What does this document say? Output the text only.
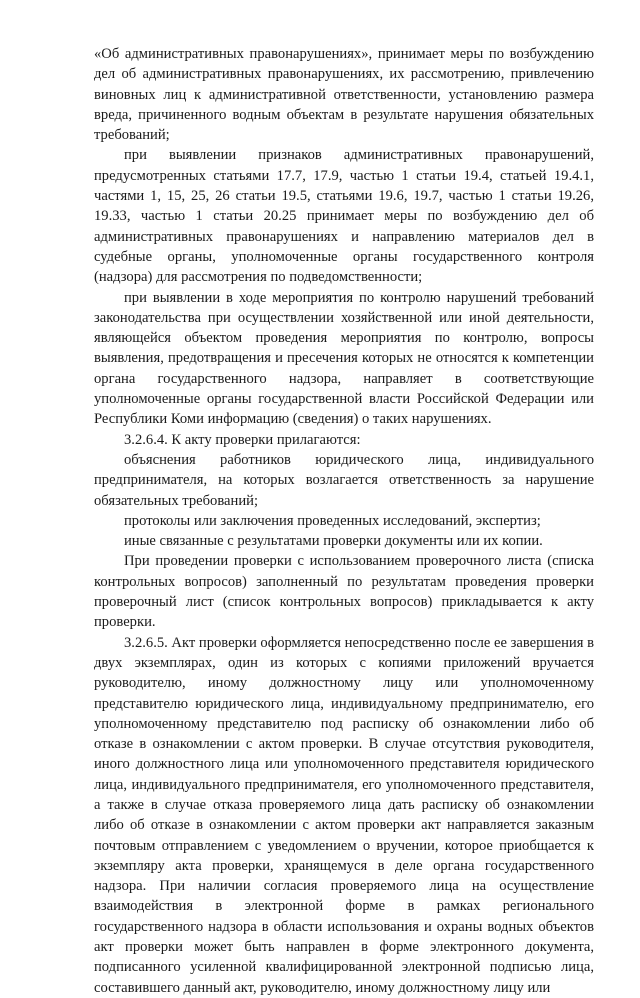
«Об административных правонарушениях», принимает меры по возбуждению дел об административных правонарушениях, их рассмотрению, привлечению виновных лиц к административной ответственности, установлению размера вреда, причиненного водным объектам в результате нарушения обязательных требований;

при выявлении признаков административных правонарушений, предусмотренных статьями 17.7, 17.9, частью 1 статьи 19.4, статьей 19.4.1, частями 1, 15, 25, 26 статьи 19.5, статьями 19.6, 19.7, частью 1 статьи 19.26, 19.33, частью 1 статьи 20.25 принимает меры по возбуждению дел об административных правонарушениях и направлению материалов дел в судебные органы, уполномоченные органы государственного контроля (надзора) для рассмотрения по подведомственности;

при выявлении в ходе мероприятия по контролю нарушений требований законодательства при осуществлении хозяйственной или иной деятельности, являющейся объектом проведения мероприятия по контролю, вопросы выявления, предотвращения и пресечения которых не относятся к компетенции органа государственного надзора, направляет в соответствующие уполномоченные органы государственной власти Российской Федерации или Республики Коми информацию (сведения) о таких нарушениях.

3.2.6.4. К акту проверки прилагаются:

объяснения работников юридического лица, индивидуального предпринимателя, на которых возлагается ответственность за нарушение обязательных требований;

протоколы или заключения проведенных исследований, экспертиз;

иные связанные с результатами проверки документы или их копии.

При проведении проверки с использованием проверочного листа (списка контрольных вопросов) заполненный по результатам проведения проверки проверочный лист (список контрольных вопросов) прикладывается к акту проверки.

3.2.6.5. Акт проверки оформляется непосредственно после ее завершения в двух экземплярах, один из которых с копиями приложений вручается руководителю, иному должностному лицу или уполномоченному представителю юридического лица, индивидуальному предпринимателю, его уполномоченному представителю под расписку об ознакомлении либо об отказе в ознакомлении с актом проверки. В случае отсутствия руководителя, иного должностного лица или уполномоченного представителя юридического лица, индивидуального предпринимателя, его уполномоченного представителя, а также в случае отказа проверяемого лица дать расписку об ознакомлении либо об отказе в ознакомлении с актом проверки акт направляется заказным почтовым отправлением с уведомлением о вручении, которое приобщается к экземпляру акта проверки, хранящемуся в деле органа государственного надзора. При наличии согласия проверяемого лица на осуществление взаимодействия в электронной форме в рамках регионального государственного надзора в области использования и охраны водных объектов акт проверки может быть направлен в форме электронного документа, подписанного усиленной квалифицированной электронной подписью лица, составившего данный акт, руководителю, иному должностному лицу или
